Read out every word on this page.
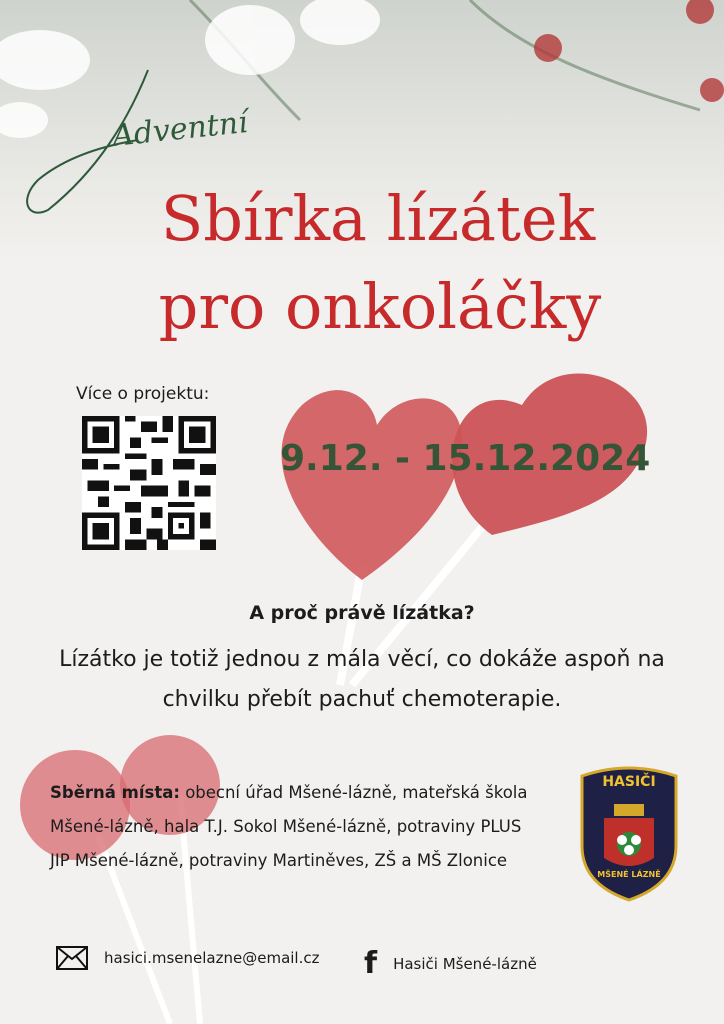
Adventní
Sbírka lízátek
pro onkoláčky
Více o projektu:
9.12. - 15.12.2024
A proč právě lízátka?
Lízátko je totiž jednou z mála věcí, co dokáže aspoň na chvilku přebít pachuť chemoterapie.
Sběrná místa: obecní úřad Mšené-lázně, mateřská škola Mšené-lázně, hala T.J. Sokol Mšené-lázně, potraviny PLUS JIP Mšené-lázně, potraviny Martiněves, ZŠ a MŠ Zlonice
HASIČI
MŠENÉ LÁZNĚ
hasici.msenelazne@email.cz f Hasiči Mšené-lázně
